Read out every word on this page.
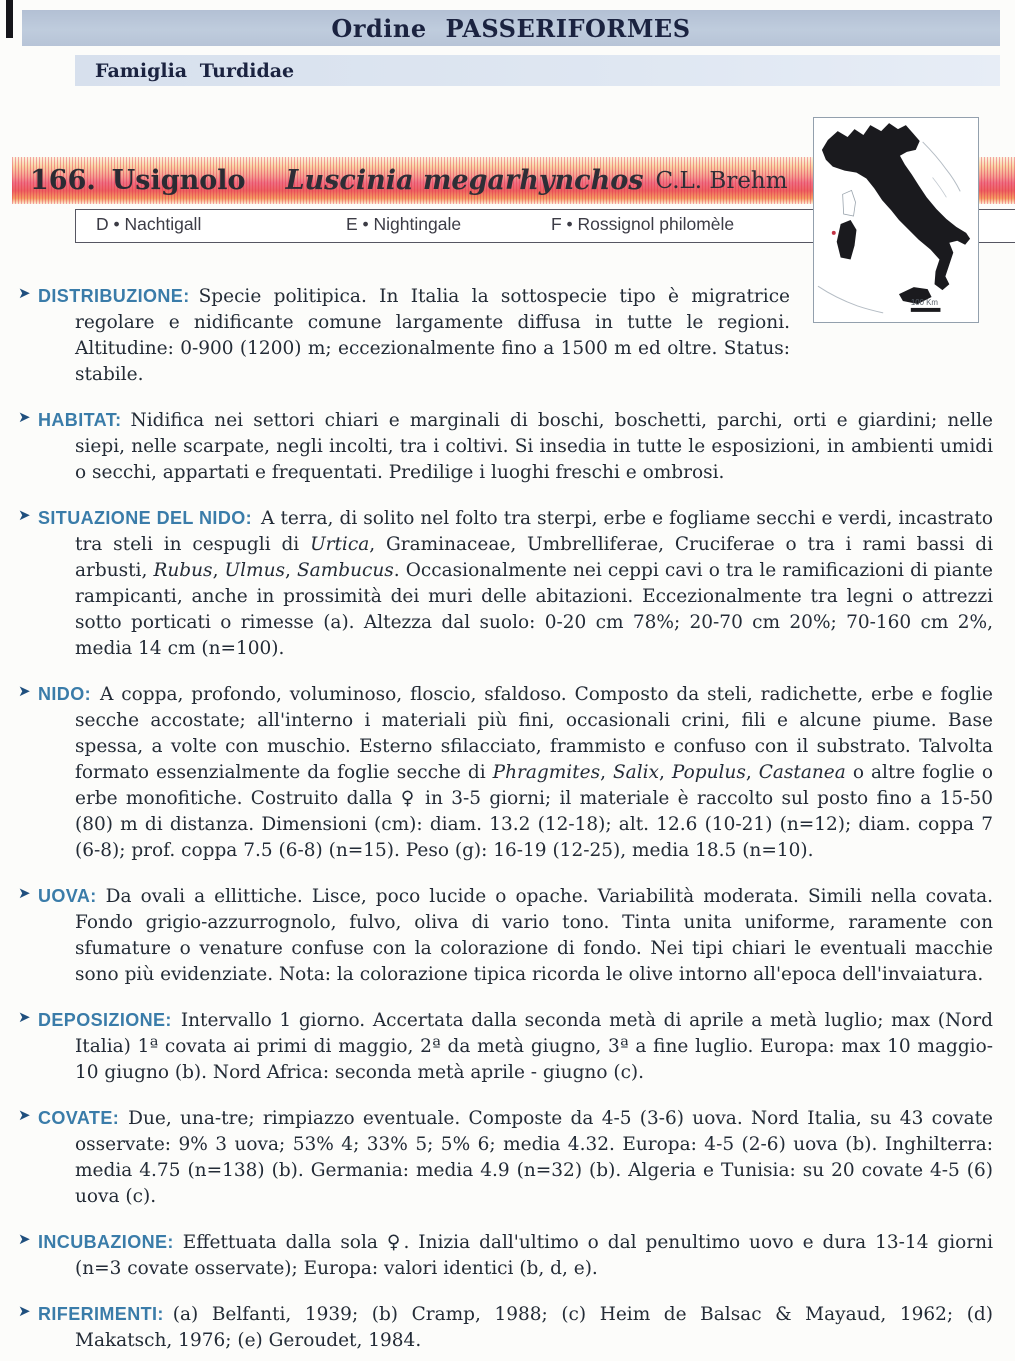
Ordine PASSERIFORMES
Famiglia Turdidae
166. Usignolo Luscinia megarhynchos C.L. Brehm
D • Nachtigall	E • Nightingale	F • Rossignol philomèle
100 Km
➤ DISTRIBUZIONE: Specie politipica. In Italia la sottospecie tipo è migratrice regolare e nidificante comune largamente diffusa in tutte le regioni. Altitudine: 0-900 (1200) m; eccezionalmente fino a 1500 m ed oltre. Status: stabile.

➤ HABITAT: Nidifica nei settori chiari e marginali di boschi, boschetti, parchi, orti e giardini; nelle siepi, nelle scarpate, negli incolti, tra i coltivi. Si insedia in tutte le esposizioni, in ambienti umidi o secchi, appartati e frequentati. Predilige i luoghi freschi e ombrosi.

➤ SITUAZIONE DEL NIDO: A terra, di solito nel folto tra sterpi, erbe e fogliame secchi e verdi, incastrato tra steli in cespugli di Urtica, Graminaceae, Umbrelliferae, Cruciferae o tra i rami bassi di arbusti, Rubus, Ulmus, Sambucus. Occasionalmente nei ceppi cavi o tra le ramificazioni di piante rampicanti, anche in prossimità dei muri delle abitazioni. Eccezionalmente tra legni o attrezzi sotto porticati o rimesse (a). Altezza dal suolo: 0-20 cm 78%; 20-70 cm 20%; 70-160 cm 2%, media 14 cm (n=100).

➤ NIDO: A coppa, profondo, voluminoso, floscio, sfaldoso. Composto da steli, radichette, erbe e foglie secche accostate; all'interno i materiali più fini, occasionali crini, fili e alcune piume. Base spessa, a volte con muschio. Esterno sfilacciato, frammisto e confuso con il substrato. Talvolta formato essenzialmente da foglie secche di Phragmites, Salix, Populus, Castanea o altre foglie o erbe monofitiche. Costruito dalla ♀ in 3-5 giorni; il materiale è raccolto sul posto fino a 15-50 (80) m di distanza. Dimensioni (cm): diam. 13.2 (12-18); alt. 12.6 (10-21) (n=12); diam. coppa 7 (6-8); prof. coppa 7.5 (6-8) (n=15). Peso (g): 16-19 (12-25), media 18.5 (n=10).

➤ UOVA: Da ovali a ellittiche. Lisce, poco lucide o opache. Variabilità moderata. Simili nella covata. Fondo grigio-azzurrognolo, fulvo, oliva di vario tono. Tinta unita uniforme, raramente con sfumature o venature confuse con la colorazione di fondo. Nei tipi chiari le eventuali macchie sono più evidenziate. Nota: la colorazione tipica ricorda le olive intorno all'epoca dell'invaiatura.

➤ DEPOSIZIONE: Intervallo 1 giorno. Accertata dalla seconda metà di aprile a metà luglio; max (Nord Italia) 1ª covata ai primi di maggio, 2ª da metà giugno, 3ª a fine luglio. Europa: max 10 maggio-10 giugno (b). Nord Africa: seconda metà aprile - giugno (c).

➤ COVATE: Due, una-tre; rimpiazzo eventuale. Composte da 4-5 (3-6) uova. Nord Italia, su 43 covate osservate: 9% 3 uova; 53% 4; 33% 5; 5% 6; media 4.32. Europa: 4-5 (2-6) uova (b). Inghilterra: media 4.75 (n=138) (b). Germania: media 4.9 (n=32) (b). Algeria e Tunisia: su 20 covate 4-5 (6) uova (c).

➤ INCUBAZIONE: Effettuata dalla sola ♀. Inizia dall'ultimo o dal penultimo uovo e dura 13-14 giorni (n=3 covate osservate); Europa: valori identici (b, d, e).

➤ RIFERIMENTI: (a) Belfanti, 1939; (b) Cramp, 1988; (c) Heim de Balsac & Mayaud, 1962; (d) Makatsch, 1976; (e) Geroudet, 1984.
